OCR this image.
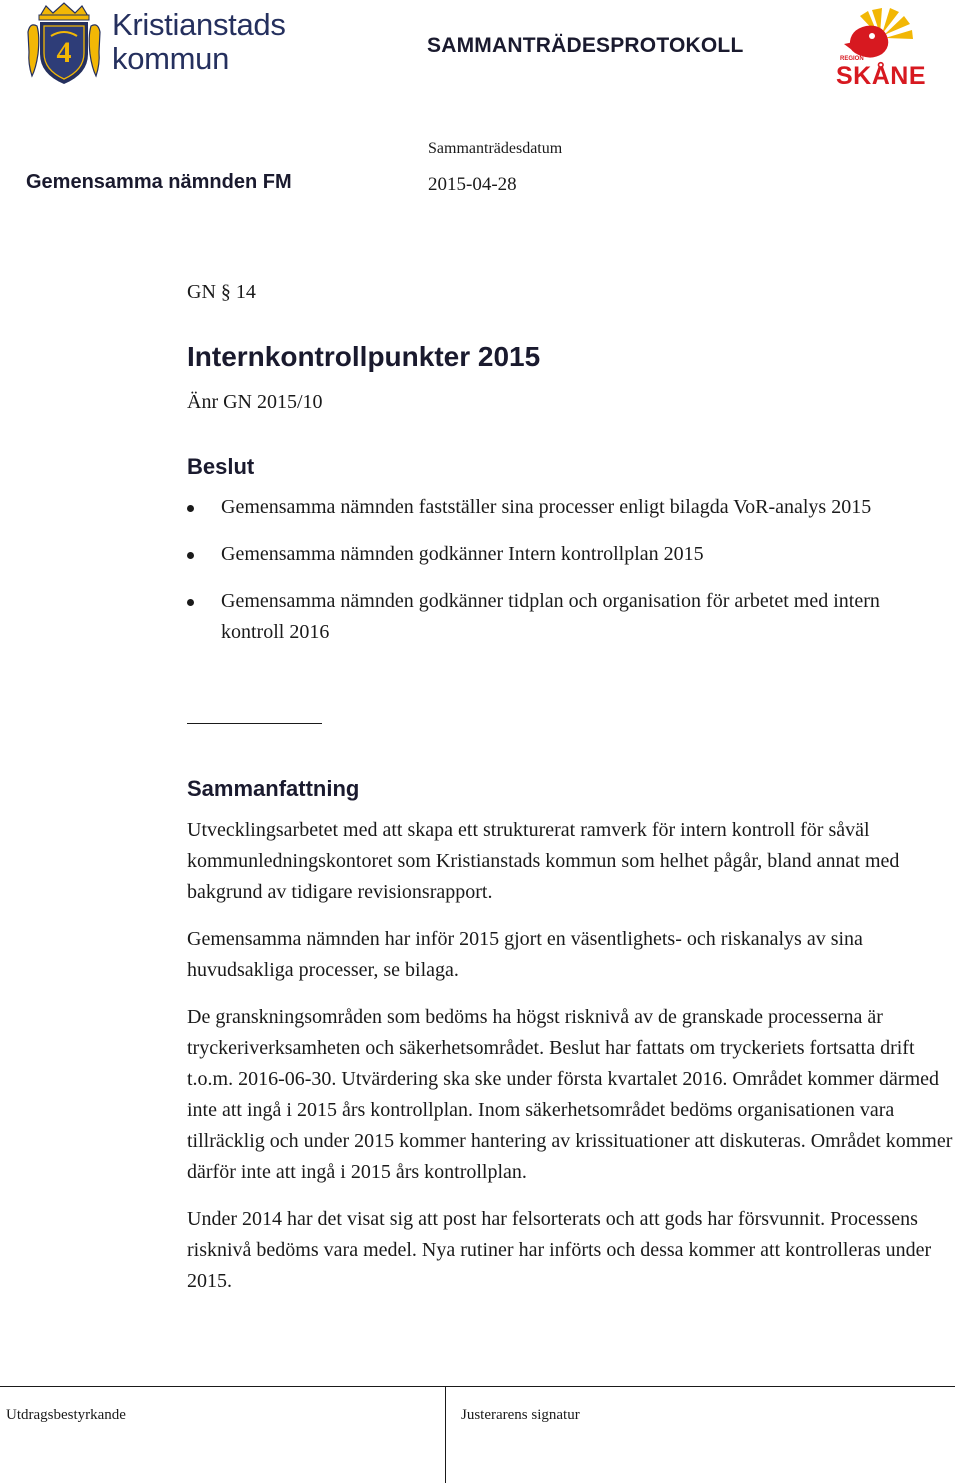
4
Kristianstads
kommun	SAMMANTRÄDESPROTOKOLL
REGION
SKÅNE
Sammanträdesdatum
Gemensamma nämnden FM	2015-04-28
GN § 14
Internkontrollpunkter 2015
Änr GN 2015/10
Beslut
Gemensamma nämnden fastställer sina processer enligt bilagda VoR-analys 2015
Gemensamma nämnden godkänner Intern kontrollplan 2015
Gemensamma nämnden godkänner tidplan och organisation för arbetet med intern kontroll 2016
Sammanfattning

Utvecklingsarbetet med att skapa ett strukturerat ramverk för intern kontroll för såväl kommunledningskontoret som Kristianstads kommun som helhet pågår, bland annat med bakgrund av tidigare revisionsrapport.

Gemensamma nämnden har inför 2015 gjort en väsentlighets- och riskanalys av sina huvudsakliga processer, se bilaga.

De granskningsområden som bedöms ha högst risknivå av de granskade processerna är tryckeriverksamheten och säkerhetsområdet. Beslut har fattats om tryckeriets fortsatta drift t.o.m. 2016-06-30. Utvärdering ska ske under första kvartalet 2016. Området kommer därmed inte att ingå i 2015 års kontrollplan. Inom säkerhetsområdet bedöms organisationen vara tillräcklig och under 2015 kommer hantering av krissituationer att diskuteras. Området kommer därför inte att ingå i 2015 års kontrollplan.

Under 2014 har det visat sig att post har felsorterats och att gods har försvunnit. Processens risknivå bedöms vara medel. Nya rutiner har införts och dessa kommer att kontrolleras under 2015.

Utdragsbestyrkande	Justerarens signatur
